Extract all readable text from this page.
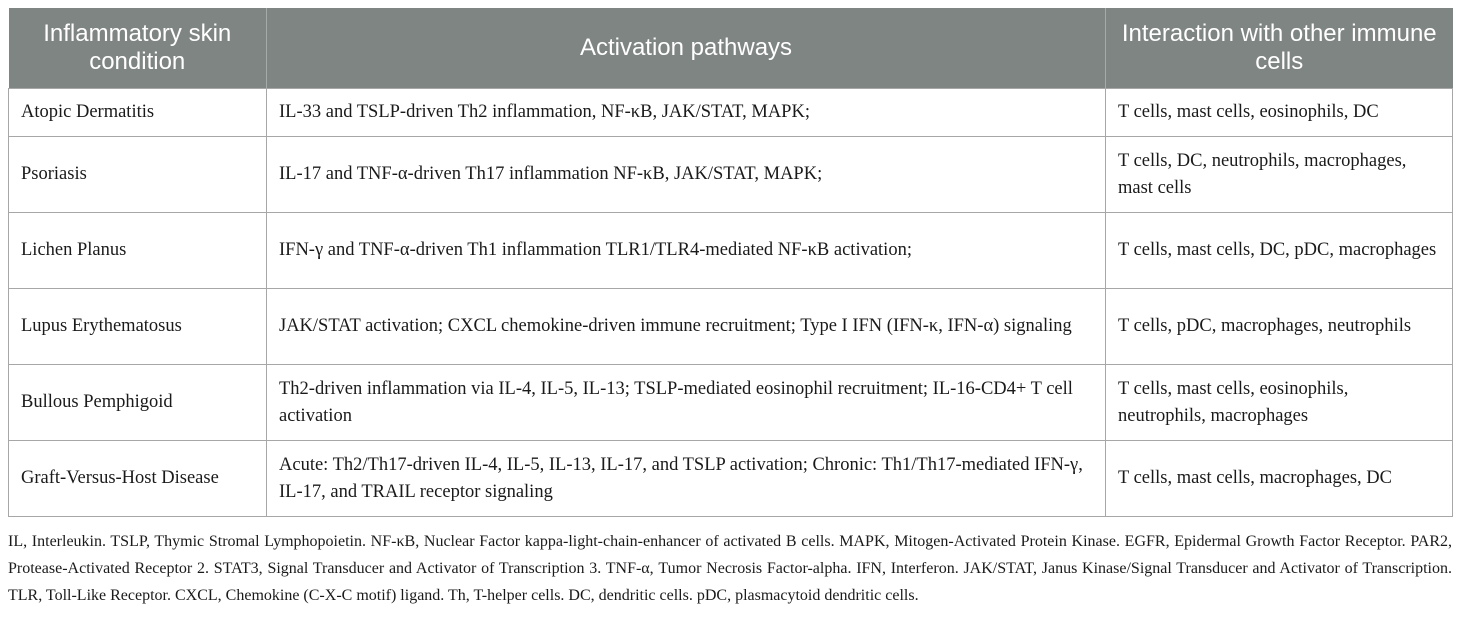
Inflammatory skin condition	Activation pathways	Interaction with other immune cells
Atopic Dermatitis	IL-33 and TSLP-driven Th2 inflammation, NF-κB, JAK/STAT, MAPK;	T cells, mast cells, eosinophils, DC
Psoriasis	IL-17 and TNF-α-driven Th17 inflammation NF-κB, JAK/STAT, MAPK;	T cells, DC, neutrophils, macrophages, mast cells
Lichen Planus	IFN-γ and TNF-α-driven Th1 inflammation TLR1/TLR4-mediated NF-κB activation;	T cells, mast cells, DC, pDC, macrophages
Lupus Erythematosus	JAK/STAT activation; CXCL chemokine-driven immune recruitment; Type I IFN (IFN-κ, IFN-α) signaling	T cells, pDC, macrophages, neutrophils
Bullous Pemphigoid	Th2-driven inflammation via IL-4, IL-5, IL-13; TSLP-mediated eosinophil recruitment; IL-16-CD4+ T cell activation	T cells, mast cells, eosinophils, neutrophils, macrophages
Graft-Versus-Host Disease	Acute: Th2/Th17-driven IL-4, IL-5, IL-13, IL-17, and TSLP activation; Chronic: Th1/Th17-mediated IFN-γ, IL-17, and TRAIL receptor signaling	T cells, mast cells, macrophages, DC
IL, Interleukin. TSLP, Thymic Stromal Lymphopoietin. NF-κB, Nuclear Factor kappa-light-chain-enhancer of activated B cells. MAPK, Mitogen-Activated Protein Kinase. EGFR, Epidermal Growth Factor Receptor. PAR2, Protease-Activated Receptor 2. STAT3, Signal Transducer and Activator of Transcription 3. TNF-α, Tumor Necrosis Factor-alpha. IFN, Interferon. JAK/STAT, Janus Kinase/Signal Transducer and Activator of Transcription. TLR, Toll-Like Receptor. CXCL, Chemokine (C-X-C motif) ligand. Th, T-helper cells. DC, dendritic cells. pDC, plasmacytoid dendritic cells.
